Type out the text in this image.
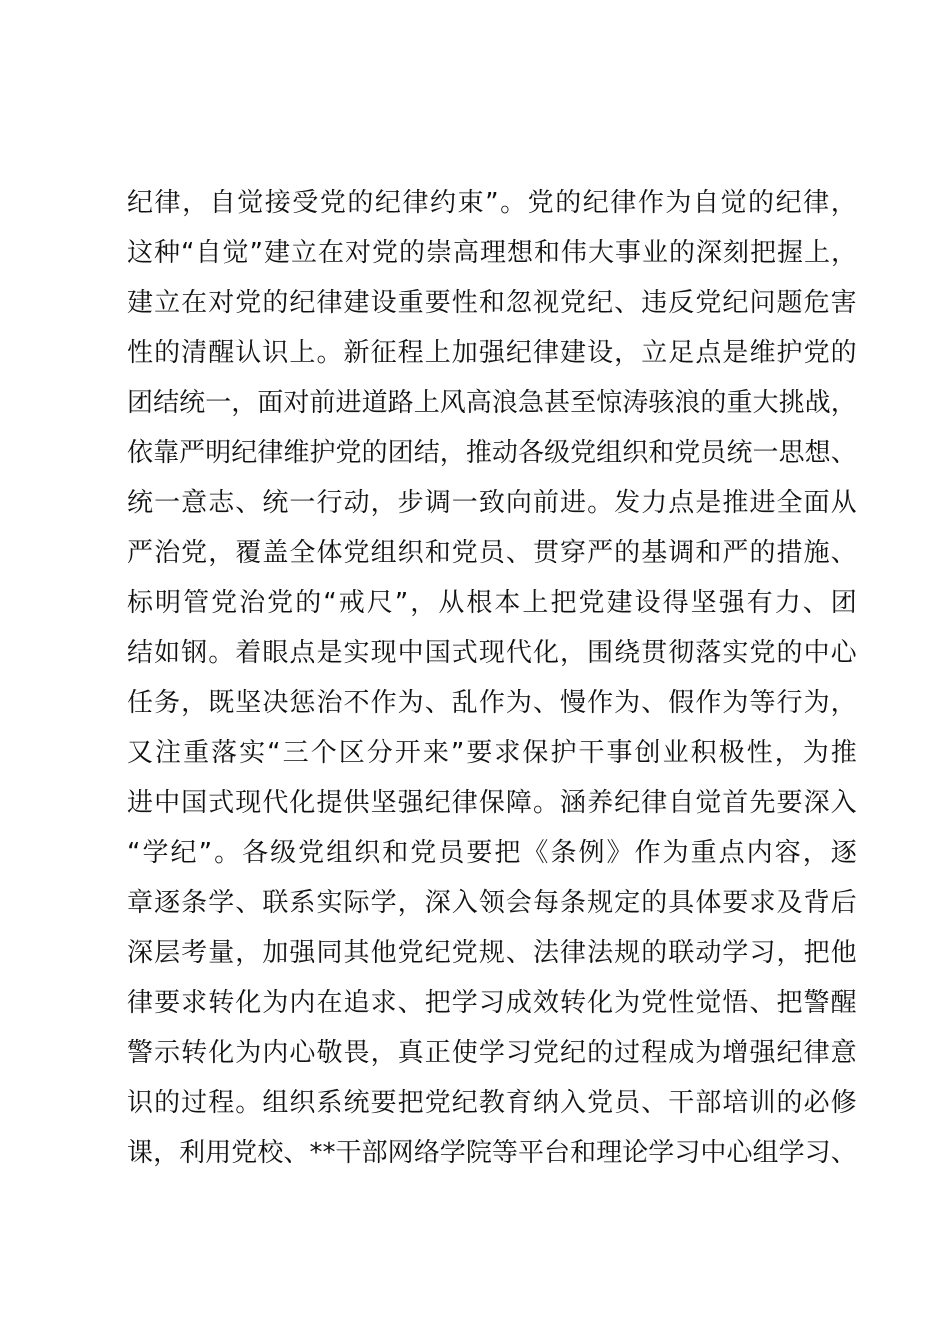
纪 律 ， 自 觉 接 受 党 的 纪 律 约 束 ” 。 党 的 纪 律 作 为 自 觉 的 纪 律 ，
这 种 “ 自 觉 ” 建 立 在 对 党 的 崇 高 理 想 和 伟 大 事 业 的 深 刻 把 握 上 ，
建 立 在 对 党 的 纪 律 建 设 重 要 性 和 忽 视 党 纪 、 违 反 党 纪 问 题 危 害
性 的 清 醒 认 识 上 。 新 征 程 上 加 强 纪 律 建 设 ， 立 足 点 是 维 护 党 的
团 结 统 一 ， 面 对 前 进 道 路 上 风 高 浪 急 甚 至 惊 涛 骇 浪 的 重 大 挑 战 ，
依 靠 严 明 纪 律 维 护 党 的 团 结 ， 推 动 各 级 党 组 织 和 党 员 统 一 思 想 、
统 一 意 志 、 统 一 行 动 ， 步 调 一 致 向 前 进 。 发 力 点 是 推 进 全 面 从
严 治 党 ， 覆 盖 全 体 党 组 织 和 党 员 、 贯 穿 严 的 基 调 和 严 的 措 施 、
标 明 管 党 治 党 的 “ 戒 尺 ” ， 从 根 本 上 把 党 建 设 得 坚 强 有 力 、 团
结 如 钢 。 着 眼 点 是 实 现 中 国 式 现 代 化 ， 围 绕 贯 彻 落 实 党 的 中 心
任 务 ， 既 坚 决 惩 治 不 作 为 、 乱 作 为 、 慢 作 为 、 假 作 为 等 行 为 ，
又 注 重 落 实 “ 三 个 区 分 开 来 ” 要 求 保 护 干 事 创 业 积 极 性 ， 为 推
进 中 国 式 现 代 化 提 供 坚 强 纪 律 保 障 。 涵 养 纪 律 自 觉 首 先 要 深 入
“ 学 纪 ” 。 各 级 党 组 织 和 党 员 要 把 《 条 例 》 作 为 重 点 内 容 ， 逐
章 逐 条 学 、 联 系 实 际 学 ， 深 入 领 会 每 条 规 定 的 具 体 要 求 及 背 后
深 层 考 量 ， 加 强 同 其 他 党 纪 党 规 、 法 律 法 规 的 联 动 学 习 ， 把 他
律 要 求 转 化 为 内 在 追 求 、 把 学 习 成 效 转 化 为 党 性 觉 悟 、 把 警 醒
警 示 转 化 为 内 心 敬 畏 ， 真 正 使 学 习 党 纪 的 过 程 成 为 增 强 纪 律 意
识 的 过 程 。 组 织 系 统 要 把 党 纪 教 育 纳 入 党 员 、 干 部 培 训 的 必 修
课 ， 利 用 党 校 、 * * 干 部 网 络 学 院 等 平 台 和 理 论 学 习 中 心 组 学 习 、
